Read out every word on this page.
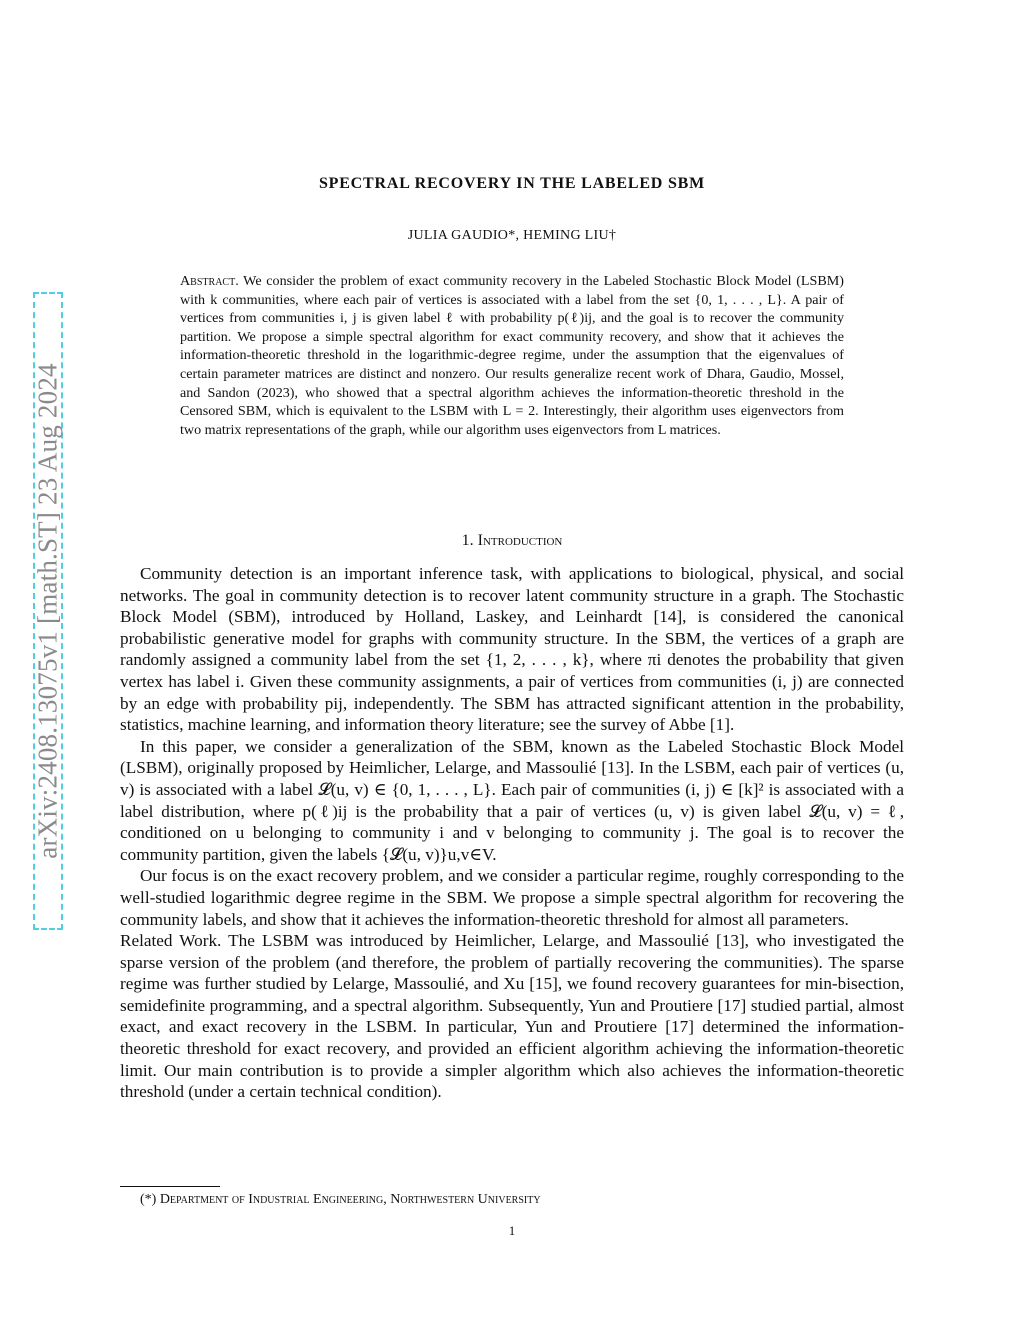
arXiv:2408.13075v1 [math.ST] 23 Aug 2024
SPECTRAL RECOVERY IN THE LABELED SBM
JULIA GAUDIO*, HEMING LIU†

Abstract. We consider the problem of exact community recovery in the Labeled Stochastic Block Model (LSBM) with k communities, where each pair of vertices is associated with a label from the set {0, 1, . . . , L}. A pair of vertices from communities i, j is given label ℓ with probability p(ℓ)ij, and the goal is to recover the community partition. We propose a simple spectral algorithm for exact community recovery, and show that it achieves the information-theoretic threshold in the logarithmic-degree regime, under the assumption that the eigenvalues of certain parameter matrices are distinct and nonzero. Our results generalize recent work of Dhara, Gaudio, Mossel, and Sandon (2023), who showed that a spectral algorithm achieves the information-theoretic threshold in the Censored SBM, which is equivalent to the LSBM with L = 2. Interestingly, their algorithm uses eigenvectors from two matrix representations of the graph, while our algorithm uses eigenvectors from L matrices.

1. Introduction

Community detection is an important inference task, with applications to biological, physical, and social networks. The goal in community detection is to recover latent community structure in a graph. The Stochastic Block Model (SBM), introduced by Holland, Laskey, and Leinhardt [14], is considered the canonical probabilistic generative model for graphs with community structure. In the SBM, the vertices of a graph are randomly assigned a community label from the set {1, 2, . . . , k}, where πi denotes the probability that given vertex has label i. Given these community assignments, a pair of vertices from communities (i, j) are connected by an edge with probability pij, independently. The SBM has attracted significant attention in the probability, statistics, machine learning, and information theory literature; see the survey of Abbe [1].

In this paper, we consider a generalization of the SBM, known as the Labeled Stochastic Block Model (LSBM), originally proposed by Heimlicher, Lelarge, and Massoulié [13]. In the LSBM, each pair of vertices (u, v) is associated with a label 𝓛(u, v) ∈ {0, 1, . . . , L}. Each pair of communities (i, j) ∈ [k]² is associated with a label distribution, where p(ℓ)ij is the probability that a pair of vertices (u, v) is given label 𝓛(u, v) = ℓ, conditioned on u belonging to community i and v belonging to community j. The goal is to recover the community partition, given the labels {𝓛(u, v)}u,v∈V.

Our focus is on the exact recovery problem, and we consider a particular regime, roughly corresponding to the well-studied logarithmic degree regime in the SBM. We propose a simple spectral algorithm for recovering the community labels, and show that it achieves the information-theoretic threshold for almost all parameters.

Related Work. The LSBM was introduced by Heimlicher, Lelarge, and Massoulié [13], who investigated the sparse version of the problem (and therefore, the problem of partially recovering the communities). The sparse regime was further studied by Lelarge, Massoulié, and Xu [15], we found recovery guarantees for min-bisection, semidefinite programming, and a spectral algorithm. Subsequently, Yun and Proutiere [17] studied partial, almost exact, and exact recovery in the LSBM. In particular, Yun and Proutiere [17] determined the information-theoretic threshold for exact recovery, and provided an efficient algorithm achieving the information-theoretic limit. Our main contribution is to provide a simpler algorithm which also achieves the information-theoretic threshold (under a certain technical condition).

(*) Department of Industrial Engineering, Northwestern University
1
